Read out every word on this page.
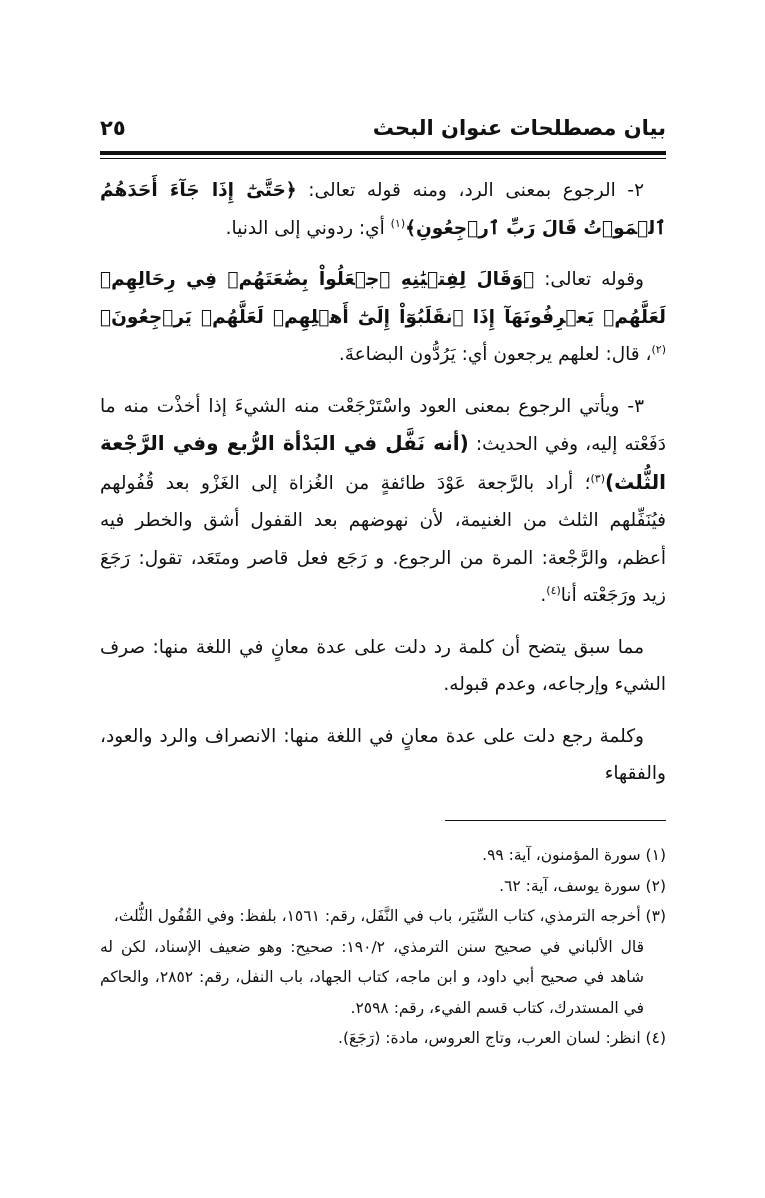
بيان مصطلحات عنوان البحث
٢٥

٢- الرجوع بمعنى الرد، ومنه قوله تعالى: ﴿حَتَّىٰٓ إِذَا جَآءَ أَحَدَهُمُ ٱلۡمَوۡتُ قَالَ رَبِّ ٱرۡجِعُونِ﴾$^{(١)}$ أي: ردوني إلى الدنيا.

وقوله تعالى: ﴿وَقَالَ لِفِتۡيَٰنِهِ ٱجۡعَلُواْ بِضَٰعَتَهُمۡ فِي رِحَالِهِمۡ لَعَلَّهُمۡ يَعۡرِفُونَهَآ إِذَا ٱنقَلَبُوٓاْ إِلَىٰٓ أَهۡلِهِمۡ لَعَلَّهُمۡ يَرۡجِعُونَ﴾$^{(٢)}$، قال: لعلهم يرجعون أي: يَرُدُّون البضاعةَ.

٣- ويأتي الرجوع بمعنى العود واسْتَرْجَعْت منه الشيءَ إذا أخذْت منه ما دَفَعْته إليه، وفي الحديث: (أنه نَفَّل في البَدْأة الرُّبع وفي الرَّجْعة الثُّلث)$^{(٣)}$؛ أراد بالرَّجعة عَوْدَ طائفةٍ من الغُزاة إلى الغَزْو بعد قُفُولهم فيُنَفِّلهم الثلث من الغنيمة، لأن نهوضهم بعد القفول أشق والخطر فيه أعظم، والرَّجْعة: المرة من الرجوع. و رَجَع فعل قاصر ومتَعَد، تقول: رَجَعَ زيد ورَجَعْته أنا$^{(٤)}$.

مما سبق يتضح أن كلمة رد دلت على عدة معانٍ في اللغة منها: صرف الشيء وإرجاعه، وعدم قبوله.

وكلمة رجع دلت على عدة معانٍ في اللغة منها: الانصراف والرد والعود، والفقهاء

(١) سورة المؤمنون، آية: ٩٩.

(٢) سورة يوسف، آية: ٦٢.

(٣) أخرجه الترمذي، كتاب السِّيَر، باب في النَّفَل، رقم: ١٥٦١، بلفظ: وفي القُفُول الثُّلث،

قال الألباني في صحيح سنن الترمذي، ١٩٠/٢: صحيح: وهو ضعيف الإسناد، لكن له شاهد في صحيح أبي داود، و ابن ماجه، كتاب الجهاد، باب النفل، رقم: ٢٨٥٢، والحاكم في المستدرك، كتاب قسم الفيء، رقم: ٢٥٩٨.

(٤) انظر: لسان العرب، وتاج العروس، مادة: (رَجَعَ).
